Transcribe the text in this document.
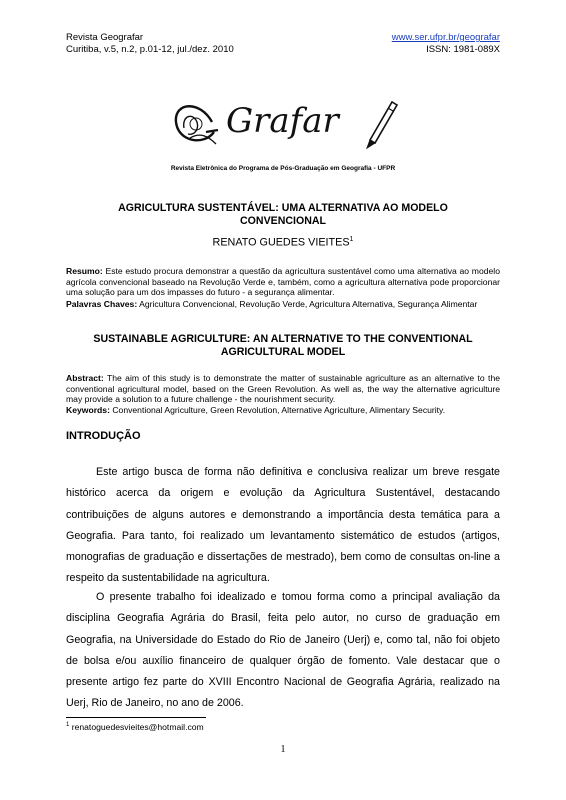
Revista Geografar
Curitiba, v.5, n.2, p.01-12, jul./dez. 2010
www.ser.ufpr.br/geografar
ISSN: 1981-089X
Grafar
Revista Eletrônica do Programa de Pós-Graduação em Geografia - UFPR
AGRICULTURA SUSTENTÁVEL: UMA ALTERNATIVA AO MODELO CONVENCIONAL
RENATO GUEDES VIEITES$^1$
Resumo: Este estudo procura demonstrar a questão da agricultura sustentável como uma alternativa ao modelo agrícola convencional baseado na Revolução Verde e, também, como a agricultura alternativa pode proporcionar uma solução para um dos impasses do futuro - a segurança alimentar.
Palavras Chaves: Agricultura Convencional, Revolução Verde, Agricultura Alternativa, Segurança Alimentar
SUSTAINABLE AGRICULTURE: AN ALTERNATIVE TO THE CONVENTIONAL AGRICULTURAL MODEL
Abstract: The aim of this study is to demonstrate the matter of sustainable agriculture as an alternative to the conventional agricultural model, based on the Green Revolution. As well as, the way the alternative agriculture may provide a solution to a future challenge - the nourishment security.
Keywords: Conventional Agriculture, Green Revolution, Alternative Agriculture, Alimentary Security.
INTRODUÇÃO

Este artigo busca de forma não definitiva e conclusiva realizar um breve resgate histórico acerca da origem e evolução da Agricultura Sustentável, destacando contribuições de alguns autores e demonstrando a importância desta temática para a Geografia. Para tanto, foi realizado um levantamento sistemático de estudos (artigos, monografias de graduação e dissertações de mestrado), bem como de consultas on-line a respeito da sustentabilidade na agricultura.

O presente trabalho foi idealizado e tomou forma como a principal avaliação da disciplina Geografia Agrária do Brasil, feita pelo autor, no curso de graduação em Geografia, na Universidade do Estado do Rio de Janeiro (Uerj) e, como tal, não foi objeto de bolsa e/ou auxílio financeiro de qualquer órgão de fomento. Vale destacar que o presente artigo fez parte do XVIII Encontro Nacional de Geografia Agrária, realizado na Uerj, Rio de Janeiro, no ano de 2006.

$^1$ renatoguedesvieites@hotmail.com
1
